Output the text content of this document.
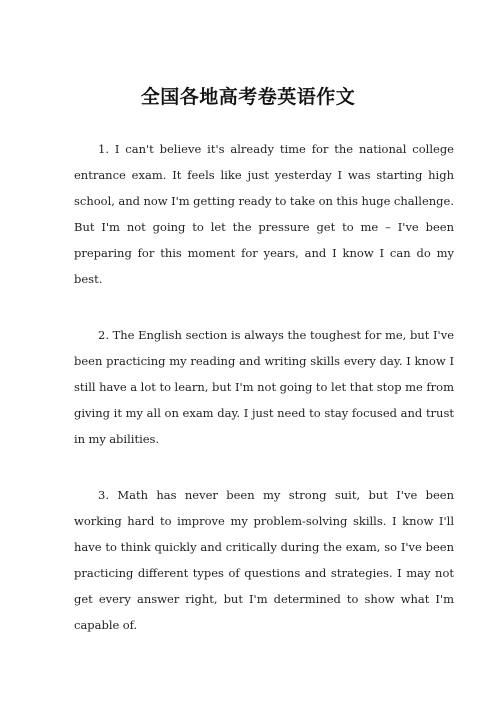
全国各地高考卷英语作文

1. I can't believe it's already time for the national college entrance exam. It feels like just yesterday I was starting high school, and now I'm getting ready to take on this huge challenge. But I'm not going to let the pressure get to me – I've been preparing for this moment for years, and I know I can do my best.

2. The English section is always the toughest for me, but I've been practicing my reading and writing skills every day. I know I still have a lot to learn, but I'm not going to let that stop me from giving it my all on exam day. I just need to stay focused and trust in my abilities.

3. Math has never been my strong suit, but I've been working hard to improve my problem-solving skills. I know I'll have to think quickly and critically during the exam, so I've been practicing different types of questions and strategies. I may not get every answer right, but I'm determined to show what I'm capable of.
